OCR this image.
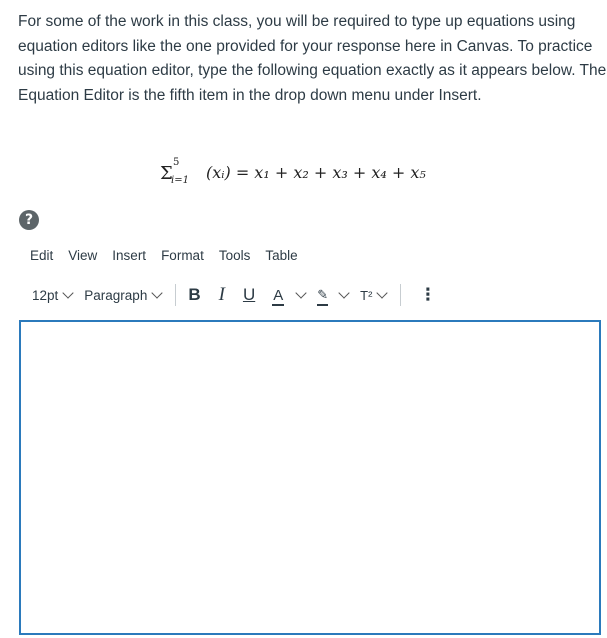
For some of the work in this class, you will be required to type up equations using equation editors like the one provided for your response here in Canvas. To practice using this equation editor, type the following equation exactly as it appears below. The Equation Editor is the fifth item in the drop down menu under Insert.

Σ
5
i=1 (xᵢ) = x₁ + x₂ + x₃ + x₄ + x₅
?
Edit View Insert Format Tools Table
12pt Paragraph B I U A	✎ T²	⋮
